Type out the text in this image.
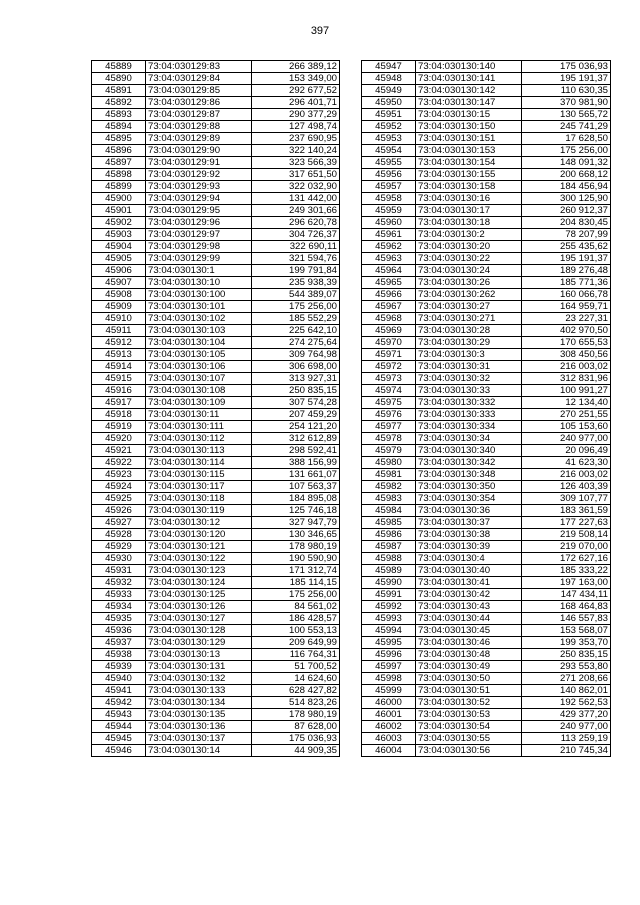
397
45889	73:04:030129:83	266 389,12
45890	73:04:030129:84	153 349,00
45891	73:04:030129:85	292 677,52
45892	73:04:030129:86	296 401,71
45893	73:04:030129:87	290 377,29
45894	73:04:030129:88	127 498,74
45895	73:04:030129:89	237 690,95
45896	73:04:030129:90	322 140,24
45897	73:04:030129:91	323 566,39
45898	73:04:030129:92	317 651,50
45899	73:04:030129:93	322 032,90
45900	73:04:030129:94	131 442,00
45901	73:04:030129:95	249 301,66
45902	73:04:030129:96	296 620,78
45903	73:04:030129:97	304 726,37
45904	73:04:030129:98	322 690,11
45905	73:04:030129:99	321 594,76
45906	73:04:030130:1	199 791,84
45907	73:04:030130:10	235 938,39
45908	73:04:030130:100	544 389,07
45909	73:04:030130:101	175 256,00
45910	73:04:030130:102	185 552,29
45911	73:04:030130:103	225 642,10
45912	73:04:030130:104	274 275,64
45913	73:04:030130:105	309 764,98
45914	73:04:030130:106	306 698,00
45915	73:04:030130:107	313 927,31
45916	73:04:030130:108	250 835,15
45917	73:04:030130:109	307 574,28
45918	73:04:030130:11	207 459,29
45919	73:04:030130:111	254 121,20
45920	73:04:030130:112	312 612,89
45921	73:04:030130:113	298 592,41
45922	73:04:030130:114	388 156,99
45923	73:04:030130:115	131 661,07
45924	73:04:030130:117	107 563,37
45925	73:04:030130:118	184 895,08
45926	73:04:030130:119	125 746,18
45927	73:04:030130:12	327 947,79
45928	73:04:030130:120	130 346,65
45929	73:04:030130:121	178 980,19
45930	73:04:030130:122	190 590,90
45931	73:04:030130:123	171 312,74
45932	73:04:030130:124	185 114,15
45933	73:04:030130:125	175 256,00
45934	73:04:030130:126	84 561,02
45935	73:04:030130:127	186 428,57
45936	73:04:030130:128	100 553,13
45937	73:04:030130:129	209 649,99
45938	73:04:030130:13	116 764,31
45939	73:04:030130:131	51 700,52
45940	73:04:030130:132	14 624,60
45941	73:04:030130:133	628 427,82
45942	73:04:030130:134	514 823,26
45943	73:04:030130:135	178 980,19
45944	73:04:030130:136	87 628,00
45945	73:04:030130:137	175 036,93
45946	73:04:030130:14	44 909,35
45947	73:04:030130:140	175 036,93
45948	73:04:030130:141	195 191,37
45949	73:04:030130:142	110 630,35
45950	73:04:030130:147	370 981,90
45951	73:04:030130:15	130 565,72
45952	73:04:030130:150	245 741,29
45953	73:04:030130:151	17 628,50
45954	73:04:030130:153	175 256,00
45955	73:04:030130:154	148 091,32
45956	73:04:030130:155	200 668,12
45957	73:04:030130:158	184 456,94
45958	73:04:030130:16	300 125,90
45959	73:04:030130:17	260 912,37
45960	73:04:030130:18	204 830,45
45961	73:04:030130:2	78 207,99
45962	73:04:030130:20	255 435,62
45963	73:04:030130:22	195 191,37
45964	73:04:030130:24	189 276,48
45965	73:04:030130:26	185 771,36
45966	73:04:030130:262	160 066,78
45967	73:04:030130:27	164 959,71
45968	73:04:030130:271	23 227,31
45969	73:04:030130:28	402 970,50
45970	73:04:030130:29	170 655,53
45971	73:04:030130:3	308 450,56
45972	73:04:030130:31	216 003,02
45973	73:04:030130:32	312 831,96
45974	73:04:030130:33	100 991,27
45975	73:04:030130:332	12 134,40
45976	73:04:030130:333	270 251,55
45977	73:04:030130:334	105 153,60
45978	73:04:030130:34	240 977,00
45979	73:04:030130:340	20 096,49
45980	73:04:030130:342	41 623,30
45981	73:04:030130:348	216 003,02
45982	73:04:030130:350	126 403,39
45983	73:04:030130:354	309 107,77
45984	73:04:030130:36	183 361,59
45985	73:04:030130:37	177 227,63
45986	73:04:030130:38	219 508,14
45987	73:04:030130:39	219 070,00
45988	73:04:030130:4	172 627,16
45989	73:04:030130:40	185 333,22
45990	73:04:030130:41	197 163,00
45991	73:04:030130:42	147 434,11
45992	73:04:030130:43	168 464,83
45993	73:04:030130:44	146 557,83
45994	73:04:030130:45	153 568,07
45995	73:04:030130:46	199 353,70
45996	73:04:030130:48	250 835,15
45997	73:04:030130:49	293 553,80
45998	73:04:030130:50	271 208,66
45999	73:04:030130:51	140 862,01
46000	73:04:030130:52	192 562,53
46001	73:04:030130:53	429 377,20
46002	73:04:030130:54	240 977,00
46003	73:04:030130:55	113 259,19
46004	73:04:030130:56	210 745,34
